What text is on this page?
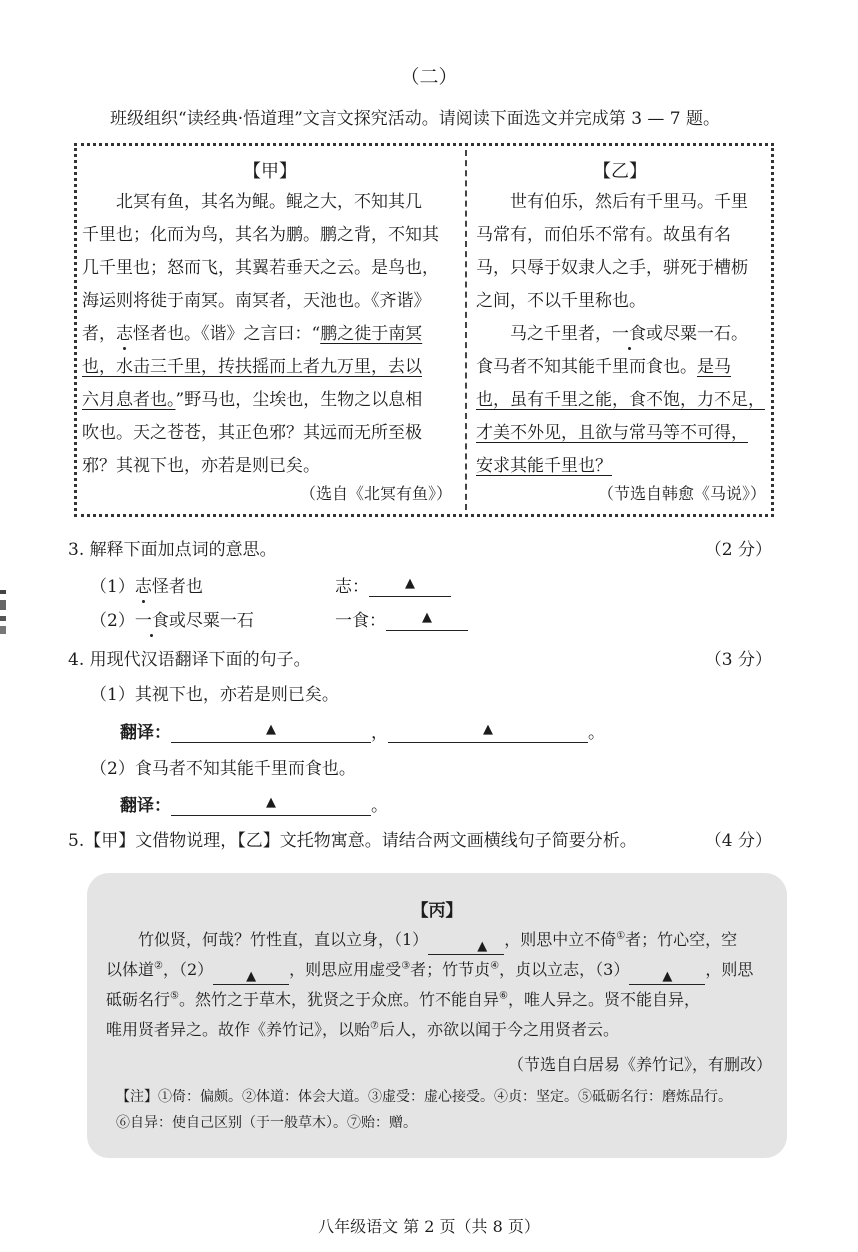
（二）
班级组织“读经典·悟道理”文言文探究活动。请阅读下面选文并完成第 3 — 7 题。
【甲】

北冥有鱼，其名为鲲。鲲之大，不知其几

千里也；化而为鸟，其名为鹏。鹏之背，不知其
几千里也；怒而飞，其翼若垂天之云。是鸟也，
海运则将徙于南冥。南冥者，天池也。《齐谐》
者，志怪者也。《谐》之言曰：“鹏之徙于南冥
也，水击三千里，抟扶摇而上者九万里，去以
六月息者也。”野马也，尘埃也，生物之以息相
吹也。天之苍苍，其正色邪？其远而无所至极
邪？其视下也，亦若是则已矣。
（选自《北冥有鱼》）
【乙】

世有伯乐，然后有千里马。千里

马常有，而伯乐不常有。故虽有名
马，只辱于奴隶人之手，骈死于槽枥
之间，不以千里称也。

马之千里者，一食或尽粟一石。

食马者不知其能千里而食也。是马
也，虽有千里之能，食不饱，力不足，
才美不外见，且欲与常马等不可得，
安求其能千里也？
（节选自韩愈《马说》）
3. 解释下面加点词的意思。	（2 分）
（1）志怪者也	志：	▲
（2）一食或尽粟一石	一食：	▲
4. 用现代汉语翻译下面的句子。	（3 分）
（1）其视下也，亦若是则已矣。
翻译：	▲	，	▲	。
（2）食马者不知其能千里而食也。
翻译：	▲	。
5.【甲】文借物说理，【乙】文托物寓意。请结合两文画横线句子简要分析。	（4 分）
【丙】

竹似贤，何哉？竹性直，直以立身，（1）	▲ ，则思中立不倚①者；竹心空，空

以体道②，（2）	▲ ，则思应用虚受③者；竹节贞④，贞以立志，（3）	▲ ，则思
砥砺名行⑤。然竹之于草木，犹贤之于众庶。竹不能自异⑥，唯人异之。贤不能自异，
唯用贤者异之。故作《养竹记》，以贻⑦后人，亦欲以闻于今之用贤者云。
（节选自白居易《养竹记》，有删改）
【注】①倚：偏颇。②体道：体会大道。③虚受：虚心接受。④贞：坚定。⑤砥砺名行：磨炼品行。
⑥自异：使自己区别（于一般草木）。⑦贻：赠。
八年级语文 第 2 页（共 8 页）
